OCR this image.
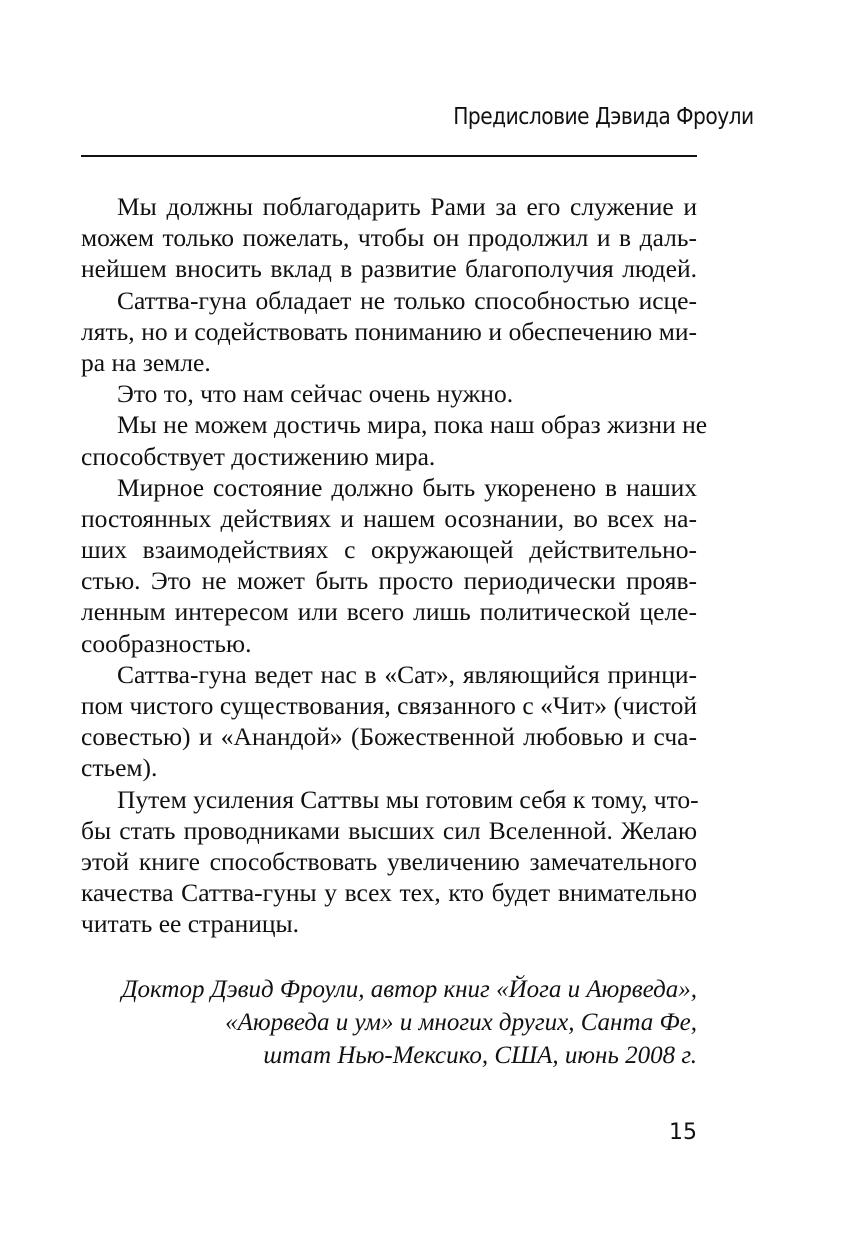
Предисловие Дэвида Фроули
Мы должны поблагодарить Рами за его служение и
можем только пожелать, чтобы он продолжил и в даль-
нейшем вносить вклад в развитие благополучия людей.
Саттва-гуна обладает не только способностью исце-
лять, но и содействовать пониманию и обеспечению ми-
ра на земле.
Это то, что нам сейчас очень нужно.
Мы не можем достичь мира, пока наш образ жизни не
способствует достижению мира.
Мирное состояние должно быть укоренено в наших
постоянных действиях и нашем осознании, во всех на-
ших взаимодействиях с окружающей действительно-
стью. Это не может быть просто периодически прояв-
ленным интересом или всего лишь политической целе-
сообразностью.
Саттва-гуна ведет нас в «Сат», являющийся принци-
пом чистого существования, связанного с «Чит» (чистой
совестью) и «Анандой» (Божественной любовью и сча-
стьем).
Путем усиления Саттвы мы готовим себя к тому, что-
бы стать проводниками высших сил Вселенной. Желаю
этой книге способствовать увеличению замечательного
качества Саттва-гуны у всех тех, кто будет внимательно
читать ее страницы.
Доктор Дэвид Фроули, автор книг «Йога и Аюрведа»,
«Аюрведа и ум» и многих других, Санта Фе,
штат Нью-Мексико, США, июнь 2008 г.
15
